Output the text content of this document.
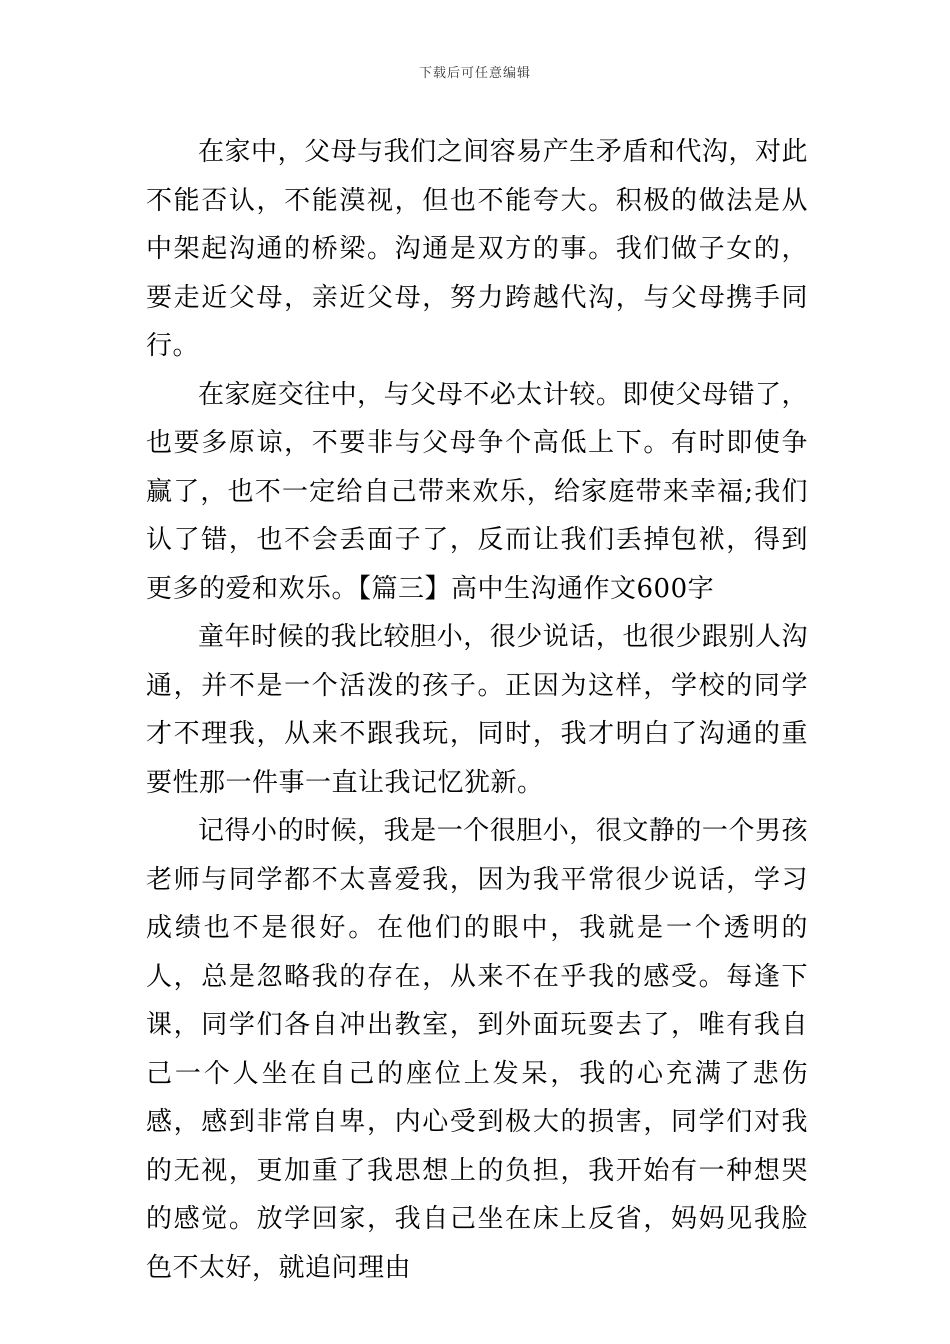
下载后可任意编辑

在家中，父母与我们之间容易产生矛盾和代沟，对此不能否认，不能漠视，但也不能夸大。积极的做法是从中架起沟通的桥梁。沟通是双方的事。我们做子女的，要走近父母，亲近父母，努力跨越代沟，与父母携手同行。

在家庭交往中，与父母不必太计较。即使父母错了，也要多原谅，不要非与父母争个高低上下。有时即使争赢了，也不一定给自己带来欢乐，给家庭带来幸福;我们认了错，也不会丢面子了，反而让我们丢掉包袱，得到更多的爱和欢乐。【篇三】高中生沟通作文600字

童年时候的我比较胆小，很少说话，也很少跟别人沟通，并不是一个活泼的孩子。正因为这样，学校的同学才不理我，从来不跟我玩，同时，我才明白了沟通的重要性那一件事一直让我记忆犹新。

记得小的时候，我是一个很胆小，很文静的一个男孩老师与同学都不太喜爱我，因为我平常很少说话，学习成绩也不是很好。在他们的眼中，我就是一个透明的人，总是忽略我的存在，从来不在乎我的感受。每逢下课，同学们各自冲出教室，到外面玩耍去了，唯有我自己一个人坐在自己的座位上发呆，我的心充满了悲伤感，感到非常自卑，内心受到极大的损害，同学们对我的无视，更加重了我思想上的负担，我开始有一种想哭的感觉。放学回家，我自己坐在床上反省，妈妈见我脸色不太好，就追问理由
